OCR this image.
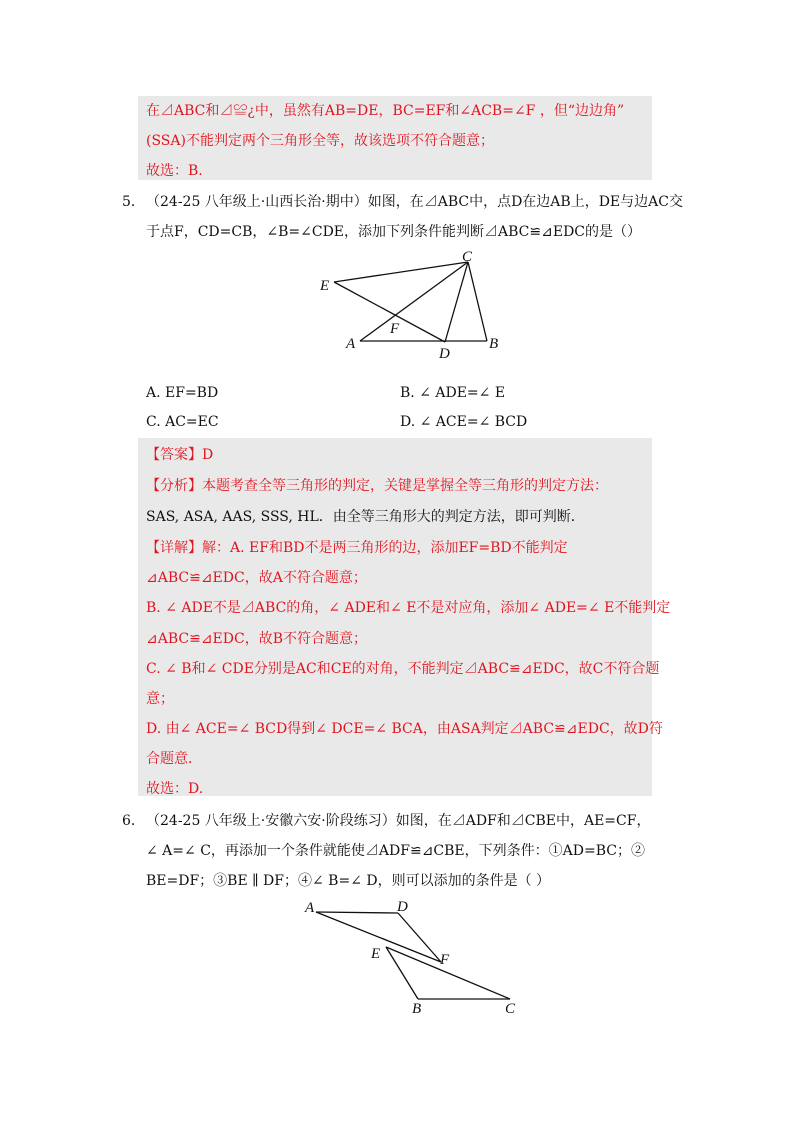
在⊿ABC和⊿≌¿中，虽然有AB=DE，BC=EF和∠ACB=∠F ，但“边边角”
(SSA)不能判定两个三角形全等，故该选项不符合题意；
故选：B.
5． （24-25 八年级上·山西长治·期中）如图，在⊿ABC中，点D在边AB上，DE与边AC交
于点F，CD=CB，∠B=∠CDE，添加下列条件能判断⊿ABC≌⊿EDC的是（）
C
E
F
A
D
B
A	D
E	F
B	C
A. EF=BD	B. ∠ ADE=∠ E
C. AC=EC	D. ∠ ACE=∠ BCD
【答案】D
【分析】本题考查全等三角形的判定，关键是掌握全等三角形的判定方法：
SAS, ASA, AAS, SSS, HL．由全等三角形大的判定方法，即可判断．
【详解】解：A. EF和BD不是两三角形的边，添加EF=BD不能判定
⊿ABC≌⊿EDC，故A不符合题意；
B. ∠ ADE不是⊿ABC的角，∠ ADE和∠ E不是对应角，添加∠ ADE=∠ E不能判定
⊿ABC≌⊿EDC，故B不符合题意；
C. ∠ B和∠ CDE分别是AC和CE的对角，不能判定⊿ABC≌⊿EDC，故C不符合题
意；
D. 由∠ ACE=∠ BCD得到∠ DCE=∠ BCA，由ASA判定⊿ABC≌⊿EDC，故D符
合题意．
故选：D.
6． （24-25 八年级上·安徽六安·阶段练习）如图，在⊿ADF和⊿CBE中，AE=CF，
∠ A=∠ C，再添加一个条件就能使⊿ADF≌⊿CBE，下列条件：①AD=BC；②
BE=DF；③BE ∥ DF；④∠ B=∠ D，则可以添加的条件是（ ）
